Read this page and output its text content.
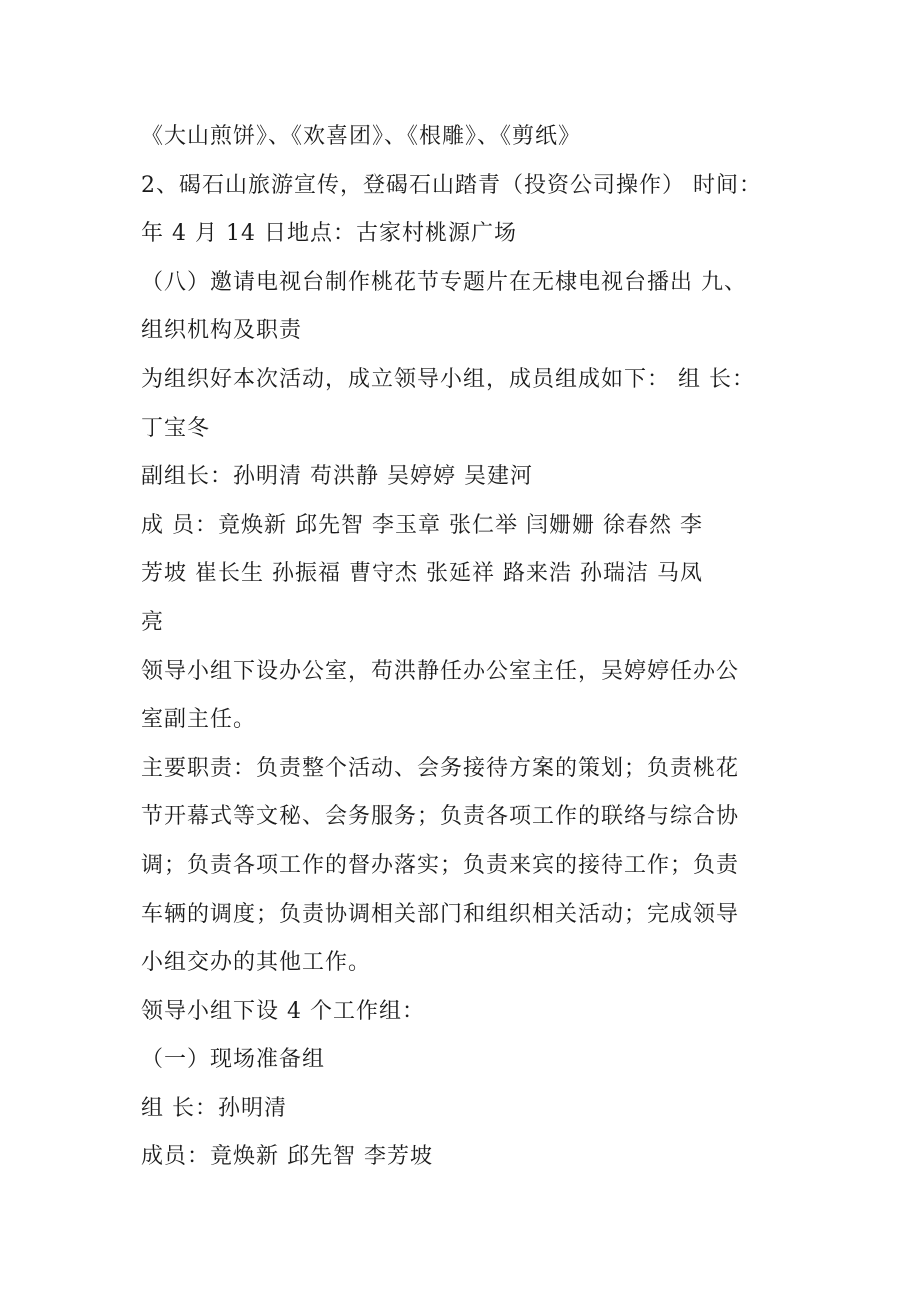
《大山煎饼》、《欢喜团》、《根雕》、《剪纸》
2、碣石山旅游宣传，登碣石山踏青（投资公司操作） 时间：
年 4 月 14 日地点：古家村桃源广场
（八）邀请电视台制作桃花节专题片在无棣电视台播出 九、
组织机构及职责
为组织好本次活动，成立领导小组，成员组成如下： 组 长：
丁宝冬
副组长：孙明清 苟洪静 吴婷婷 吴建河
成 员：竟焕新 邱先智 李玉章 张仁举 闫姗姗 徐春然 李
芳坡 崔长生 孙振福 曹守杰 张延祥 路来浩 孙瑞洁 马凤
亮
领导小组下设办公室，苟洪静任办公室主任，吴婷婷任办公
室副主任。
主要职责：负责整个活动、会务接待方案的策划；负责桃花
节开幕式等文秘、会务服务；负责各项工作的联络与综合协
调；负责各项工作的督办落实；负责来宾的接待工作；负责
车辆的调度；负责协调相关部门和组织相关活动；完成领导
小组交办的其他工作。
领导小组下设 4 个工作组：
（一）现场准备组
组 长：孙明清
成员：竟焕新 邱先智 李芳坡
